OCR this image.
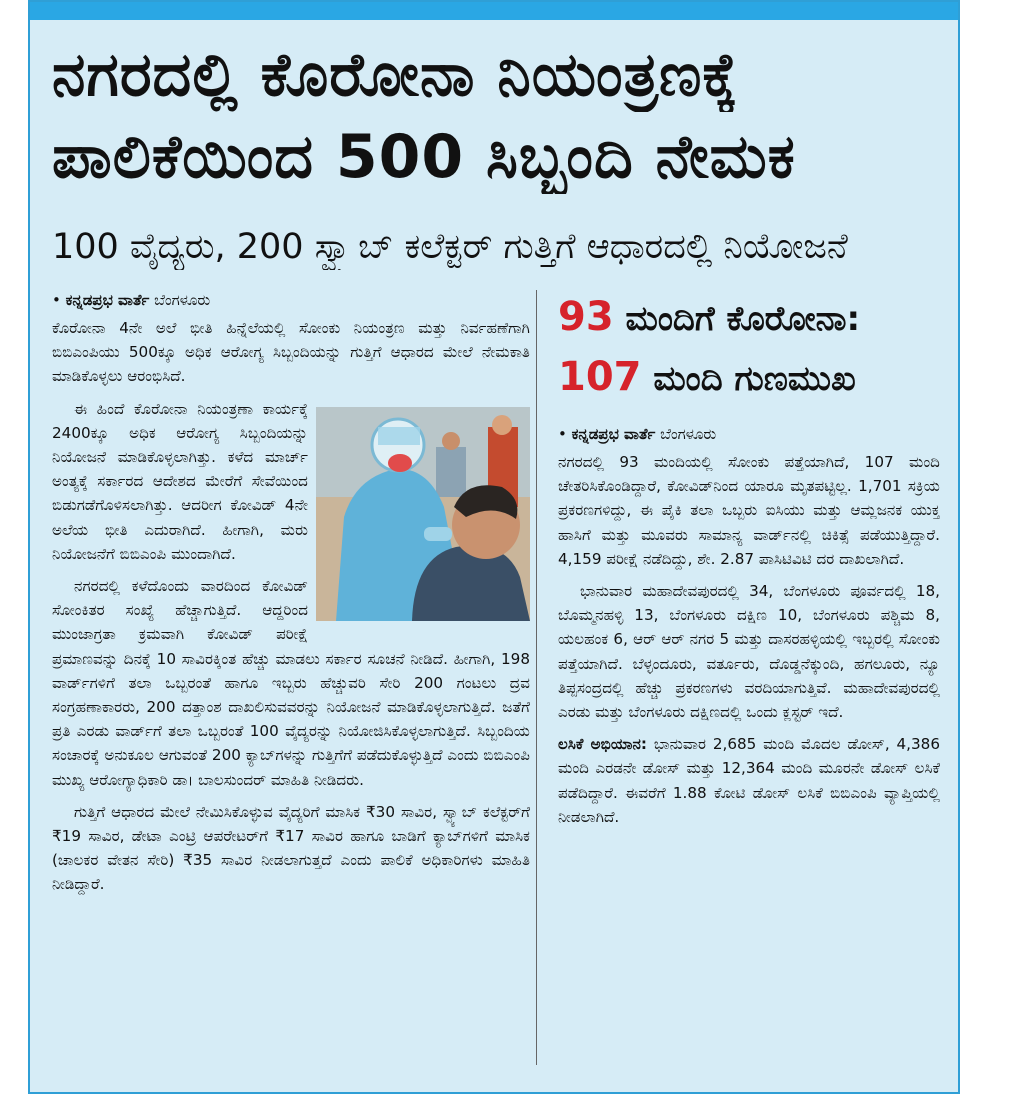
ನಗರದಲ್ಲಿ ಕೊರೋನಾ ನಿಯಂತ್ರಣಕ್ಕೆ
ಪಾಲಿಕೆಯಿಂದ 500 ಸಿಬ್ಬಂದಿ ನೇಮಕ
100 ವೈದ್ಯರು, 200 ಸ್ವ್ಯಾಬ್ ಕಲೆಕ್ಟರ್ ಗುತ್ತಿಗೆ ಆಧಾರದಲ್ಲಿ ನಿಯೋಜನೆ
• ಕನ್ನಡಪ್ರಭ ವಾರ್ತೆ ಬೆಂಗಳೂರು

ಕೊರೋನಾ 4ನೇ ಅಲೆ ಭೀತಿ ಹಿನ್ನೆಲೆಯಲ್ಲಿ ಸೋಂಕು ನಿಯಂತ್ರಣ ಮತ್ತು ನಿರ್ವಹಣೆಗಾಗಿ ಬಿಬಿಎಂಪಿಯು 500ಕ್ಕೂ ಅಧಿಕ ಆರೋಗ್ಯ ಸಿಬ್ಬಂದಿಯನ್ನು ಗುತ್ತಿಗೆ ಆಧಾರದ ಮೇಲೆ ನೇಮಕಾತಿ ಮಾಡಿಕೊಳ್ಳಲು ಆರಂಭಿಸಿದೆ.

ಈ ಹಿಂದೆ ಕೊರೋನಾ ನಿಯಂತ್ರಣಾ ಕಾರ್ಯಕ್ಕೆ 2400ಕ್ಕೂ ಅಧಿಕ ಆರೋಗ್ಯ ಸಿಬ್ಬಂದಿಯನ್ನು ನಿಯೋಜನೆ ಮಾಡಿಕೊಳ್ಳಲಾಗಿತ್ತು. ಕಳೆದ ಮಾರ್ಚ್ ಅಂತ್ಯಕ್ಕೆ ಸರ್ಕಾರದ ಆದೇಶದ ಮೇರೆಗೆ ಸೇವೆಯಿಂದ ಬಿಡುಗಡೆಗೊಳಿಸಲಾಗಿತ್ತು. ಆದರೀಗ ಕೋವಿಡ್ 4ನೇ ಅಲೆಯ ಭೀತಿ ಎದುರಾಗಿದೆ. ಹೀಗಾಗಿ, ಮರು ನಿಯೋಜನೆಗೆ ಬಿಬಿಎಂಪಿ ಮುಂದಾಗಿದೆ.

ನಗರದಲ್ಲಿ ಕಳೆದೊಂದು ವಾರದಿಂದ ಕೋವಿಡ್ ಸೋಂಕಿತರ ಸಂಖ್ಯೆ ಹೆಚ್ಚಾಗುತ್ತಿದೆ. ಆದ್ದರಿಂದ ಮುಂಜಾಗ್ರತಾ ಕ್ರಮವಾಗಿ ಕೋವಿಡ್ ಪರೀಕ್ಷೆ ಪ್ರಮಾಣವನ್ನು ದಿನಕ್ಕೆ 10 ಸಾವಿರಕ್ಕಿಂತ ಹೆಚ್ಚು ಮಾಡಲು ಸರ್ಕಾರ ಸೂಚನೆ ನೀಡಿದೆ. ಹೀಗಾಗಿ, 198 ವಾರ್ಡ್‌ಗಳಿಗೆ ತಲಾ ಒಬ್ಬರಂತೆ ಹಾಗೂ ಇಬ್ಬರು ಹೆಚ್ಚುವರಿ ಸೇರಿ 200 ಗಂಟಲು ದ್ರವ ಸಂಗ್ರಹಣಾಕಾರರು, 200 ದತ್ತಾಂಶ ದಾಖಲಿಸುವವರನ್ನು ನಿಯೋಜನೆ ಮಾಡಿಕೊಳ್ಳಲಾಗುತ್ತಿದೆ. ಜತೆಗೆ ಪ್ರತಿ ಎರಡು ವಾರ್ಡ್‌ಗೆ ತಲಾ ಒಬ್ಬರಂತೆ 100 ವೈದ್ಯರನ್ನು ನಿಯೋಜಿಸಿಕೊಳ್ಳಲಾಗುತ್ತಿದೆ. ಸಿಬ್ಬಂದಿಯ ಸಂಚಾರಕ್ಕೆ ಅನುಕೂಲ ಆಗುವಂತೆ 200 ಕ್ಯಾಬ್‌ಗಳನ್ನು ಗುತ್ತಿಗೆಗೆ ಪಡೆದುಕೊಳ್ಳುತ್ತಿದೆ ಎಂದು ಬಿಬಿಎಂಪಿ ಮುಖ್ಯ ಆರೋಗ್ಯಾಧಿಕಾರಿ ಡಾ। ಬಾಲಸುಂದರ್ ಮಾಹಿತಿ ನೀಡಿದರು.

ಗುತ್ತಿಗೆ ಆಧಾರದ ಮೇಲೆ ನೇಮಿಸಿಕೊಳ್ಳುವ ವೈದ್ಯರಿಗೆ ಮಾಸಿಕ ₹30 ಸಾವಿರ, ಸ್ವ್ಯಾಬ್ ಕಲೆಕ್ಟರ್‌ಗೆ ₹19 ಸಾವಿರ, ಡೇಟಾ ಎಂಟ್ರಿ ಆಪರೇಟರ್‌ಗೆ ₹17 ಸಾವಿರ ಹಾಗೂ ಬಾಡಿಗೆ ಕ್ಯಾಬ್‌ಗಳಿಗೆ ಮಾಸಿಕ (ಚಾಲಕರ ವೇತನ ಸೇರಿ) ₹35 ಸಾವಿರ ನೀಡಲಾಗುತ್ತದೆ ಎಂದು ಪಾಲಿಕೆ ಅಧಿಕಾರಿಗಳು ಮಾಹಿತಿ ನೀಡಿದ್ದಾರೆ.

93 ಮಂದಿಗೆ ಕೊರೋನಾ:
107 ಮಂದಿ ಗುಣಮುಖ
• ಕನ್ನಡಪ್ರಭ ವಾರ್ತೆ ಬೆಂಗಳೂರು

ನಗರದಲ್ಲಿ 93 ಮಂದಿಯಲ್ಲಿ ಸೋಂಕು ಪತ್ತೆಯಾಗಿದೆ, 107 ಮಂದಿ ಚೇತರಿಸಿಕೊಂಡಿದ್ದಾರೆ, ಕೋವಿಡ್‌ನಿಂದ ಯಾರೂ ಮೃತಪಟ್ಟಿಲ್ಲ. 1,701 ಸಕ್ರಿಯ ಪ್ರಕರಣಗಳಿದ್ದು, ಈ ಪೈಕಿ ತಲಾ ಒಬ್ಬರು ಐಸಿಯು ಮತ್ತು ಆಮ್ಲಜನಕ ಯುಕ್ತ ಹಾಸಿಗೆ ಮತ್ತು ಮೂವರು ಸಾಮಾನ್ಯ ವಾರ್ಡ್‌ನಲ್ಲಿ ಚಿಕಿತ್ಸೆ ಪಡೆಯುತ್ತಿದ್ದಾರೆ. 4,159 ಪರೀಕ್ಷೆ ನಡೆದಿದ್ದು, ಶೇ. 2.87 ಪಾಸಿಟಿವಿಟಿ ದರ ದಾಖಲಾಗಿದೆ.

ಭಾನುವಾರ ಮಹಾದೇವಪುರದಲ್ಲಿ 34, ಬೆಂಗಳೂರು ಪೂರ್ವದಲ್ಲಿ 18, ಬೊಮ್ಮನಹಳ್ಳಿ 13, ಬೆಂಗಳೂರು ದಕ್ಷಿಣ 10, ಬೆಂಗಳೂರು ಪಶ್ಚಿಮ 8, ಯಲಹಂಕ 6, ಆರ್ ಆರ್ ನಗರ 5 ಮತ್ತು ದಾಸರಹಳ್ಳಿಯಲ್ಲಿ ಇಬ್ಬರಲ್ಲಿ ಸೋಂಕು ಪತ್ತೆಯಾಗಿದೆ. ಬೆಳ್ಳಂದೂರು, ವರ್ತೂರು, ದೊಡ್ಡನೆಕ್ಕುಂದಿ, ಹಗಲೂರು, ನ್ಯೂ ತಿಪ್ಪಸಂದ್ರದಲ್ಲಿ ಹೆಚ್ಚು ಪ್ರಕರಣಗಳು ವರದಿಯಾಗುತ್ತಿವೆ. ಮಹಾದೇವಪುರದಲ್ಲಿ ಎರಡು ಮತ್ತು ಬೆಂಗಳೂರು ದಕ್ಷಿಣದಲ್ಲಿ ಒಂದು ಕ್ಲಸ್ಟರ್ ಇದೆ.

ಲಸಿಕೆ ಅಭಿಯಾನ: ಭಾನುವಾರ 2,685 ಮಂದಿ ಮೊದಲ ಡೋಸ್, 4,386 ಮಂದಿ ಎರಡನೇ ಡೋಸ್ ಮತ್ತು 12,364 ಮಂದಿ ಮೂರನೇ ಡೋಸ್ ಲಸಿಕೆ ಪಡೆದಿದ್ದಾರೆ. ಈವರೆಗೆ 1.88 ಕೋಟಿ ಡೋಸ್ ಲಸಿಕೆ ಬಿಬಿಎಂಪಿ ವ್ಯಾಪ್ತಿಯಲ್ಲಿ ನೀಡಲಾಗಿದೆ.
